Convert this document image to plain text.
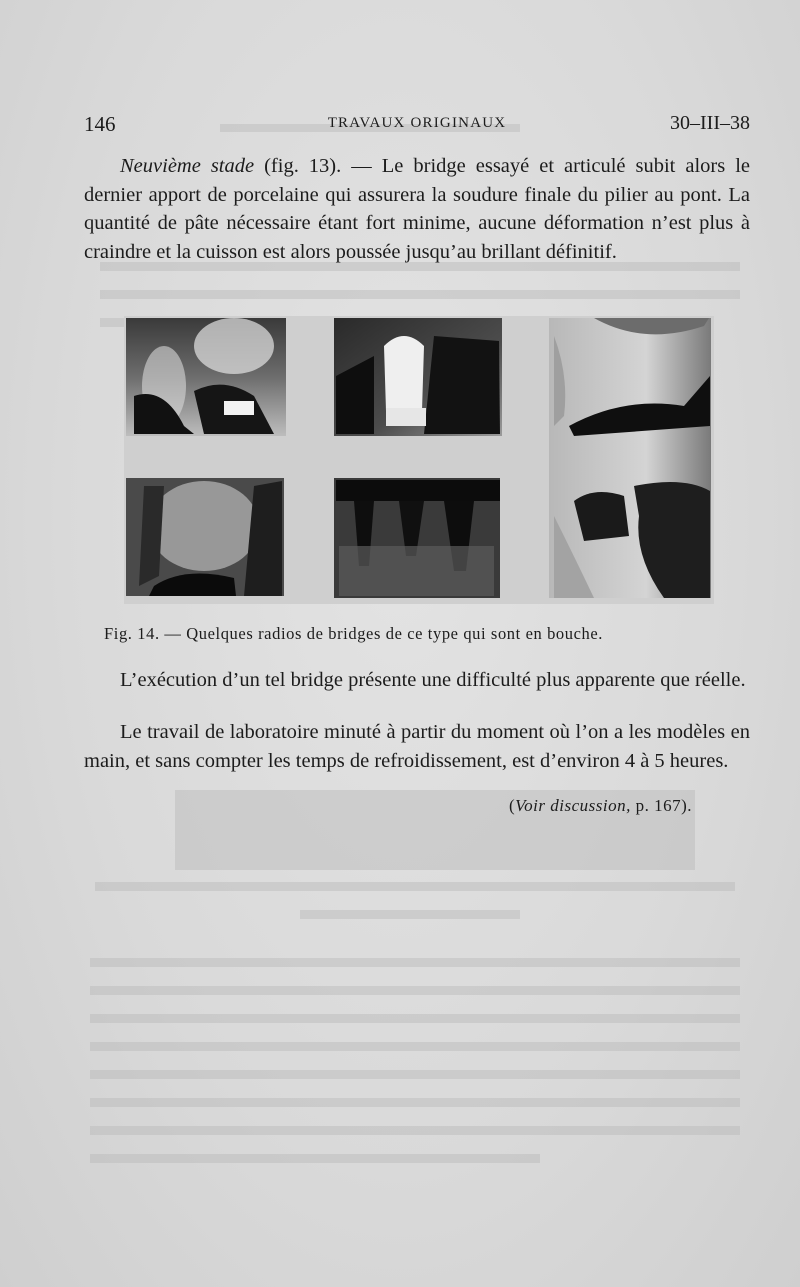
146	TRAVAUX ORIGINAUX	30–III–38

Neuvième stade (fig. 13). — Le bridge essayé et articulé subit alors le dernier apport de porcelaine qui assurera la soudure finale du pilier au pont. La quantité de pâte nécessaire étant fort minime, aucune déformation n’est plus à craindre et la cuisson est alors poussée jusqu’au brillant définitif.

Fig. 14. — Quelques radios de bridges de ce type qui sont en bouche.

L’exécution d’un tel bridge présente une difficulté plus apparente que réelle.

Le travail de laboratoire minuté à partir du moment où l’on a les modèles en main, et sans compter les temps de refroidissement, est d’environ 4 à 5 heures.

(Voir discussion, p. 167).
